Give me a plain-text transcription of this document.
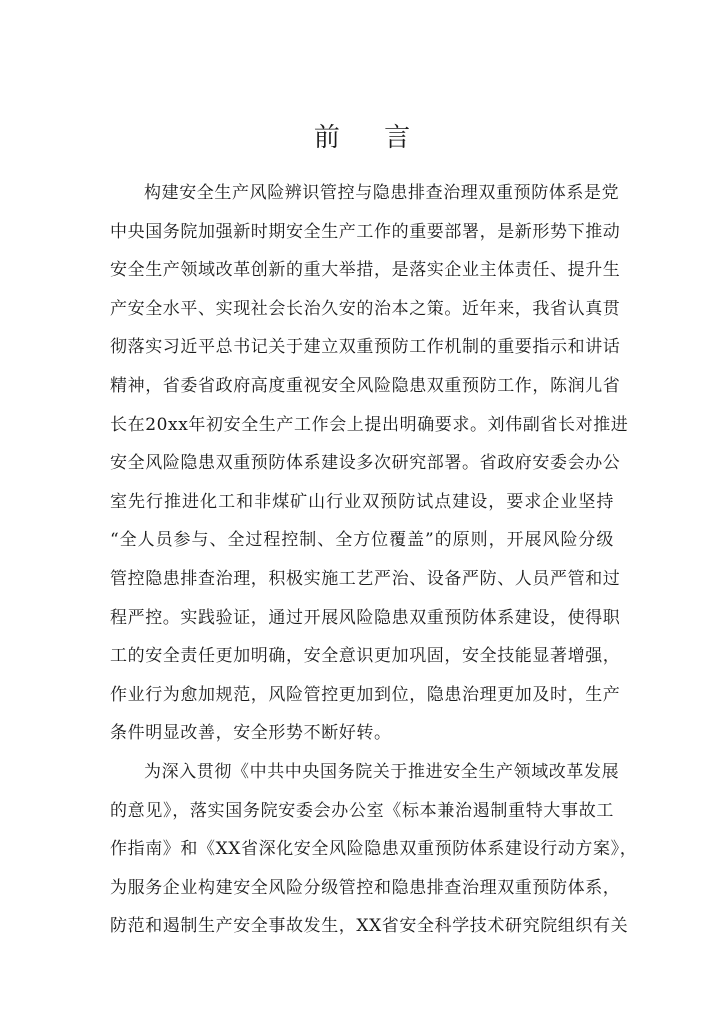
前 言
构建安全生产风险辨识管控与隐患排查治理双重预防体系是党
中央国务院加强新时期安全生产工作的重要部署，是新形势下推动
安全生产领域改革创新的重大举措，是落实企业主体责任、提升生
产安全水平、实现社会长治久安的治本之策。近年来，我省认真贯
彻落实习近平总书记关于建立双重预防工作机制的重要指示和讲话
精神，省委省政府高度重视安全风险隐患双重预防工作，陈润儿省
长在20xx年初安全生产工作会上提出明确要求。刘伟副省长对推进
安全风险隐患双重预防体系建设多次研究部署。省政府安委会办公
室先行推进化工和非煤矿山行业双预防试点建设，要求企业坚持
“全人员参与、全过程控制、全方位覆盖”的原则，开展风险分级
管控隐患排查治理，积极实施工艺严治、设备严防、人员严管和过
程严控。实践验证，通过开展风险隐患双重预防体系建设，使得职
工的安全责任更加明确，安全意识更加巩固，安全技能显著增强，
作业行为愈加规范，风险管控更加到位，隐患治理更加及时，生产
条件明显改善，安全形势不断好转。
为深入贯彻《中共中央国务院关于推进安全生产领域改革发展
的意见》，落实国务院安委会办公室《标本兼治遏制重特大事故工
作指南》和《XX省深化安全风险隐患双重预防体系建设行动方案》，
为服务企业构建安全风险分级管控和隐患排查治理双重预防体系，
防范和遏制生产安全事故发生，XX省安全科学技术研究院组织有关
